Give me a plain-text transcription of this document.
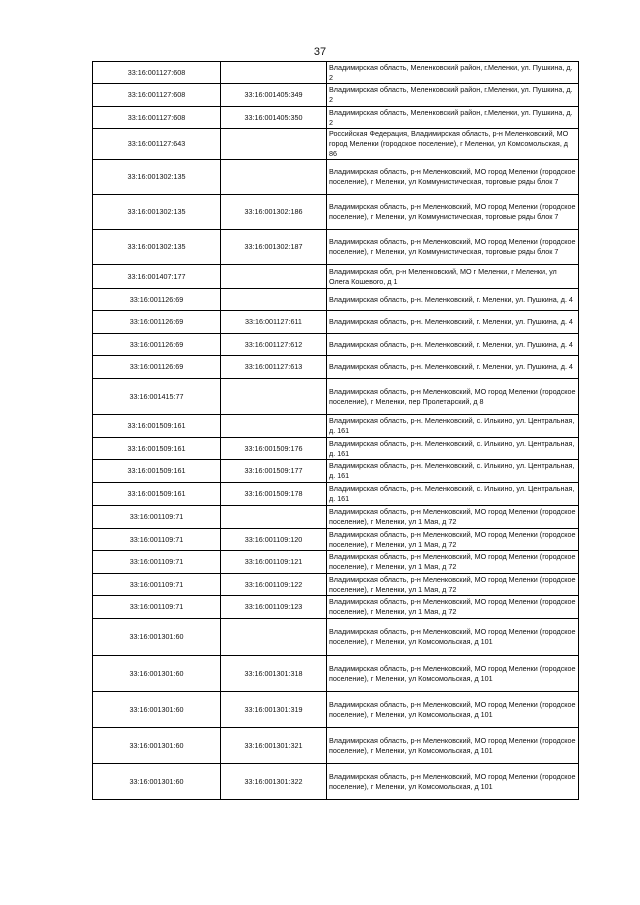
37
33:16:001127:608		Владимирская область, Меленковский район, г.Меленки, ул. Пушкина, д. 2
33:16:001127:608	33:16:001405:349	Владимирская область, Меленковский район, г.Меленки, ул. Пушкина, д. 2
33:16:001127:608	33:16:001405:350	Владимирская область, Меленковский район, г.Меленки, ул. Пушкина, д. 2
33:16:001127:643		Российская Федерация, Владимирская область, р-н Меленковский, МО город Меленки (городское поселение), г Меленки, ул Комсомольская, д 86
33:16:001302:135		Владимирская область, р-н Меленковский, МО город Меленки (городское поселение), г Меленки, ул Коммунистическая, торговые ряды блок 7
33:16:001302:135	33:16:001302:186	Владимирская область, р-н Меленковский, МО город Меленки (городское поселение), г Меленки, ул Коммунистическая, торговые ряды блок 7
33:16:001302:135	33:16:001302:187	Владимирская область, р-н Меленковский, МО город Меленки (городское поселение), г Меленки, ул Коммунистическая, торговые ряды блок 7
33:16:001407:177		Владимирская обл, р-н Меленковский, МО г Меленки, г Меленки, ул Олега Кошевого, д 1
33:16:001126:69		Владимирская область, р-н. Меленковский, г. Меленки, ул. Пушкина, д. 4
33:16:001126:69	33:16:001127:611	Владимирская область, р-н. Меленковский, г. Меленки, ул. Пушкина, д. 4
33:16:001126:69	33:16:001127:612	Владимирская область, р-н. Меленковский, г. Меленки, ул. Пушкина, д. 4
33:16:001126:69	33:16:001127:613	Владимирская область, р-н. Меленковский, г. Меленки, ул. Пушкина, д. 4
33:16:001415:77		Владимирская область, р-н Меленковский, МО город Меленки (городское поселение), г Меленки, пер Пролетарский, д 8
33:16:001509:161		Владимирская область, р-н. Меленковский, с. Илькино, ул. Центральная, д. 161
33:16:001509:161	33:16:001509:176	Владимирская область, р-н. Меленковский, с. Илькино, ул. Центральная, д. 161
33:16:001509:161	33:16:001509:177	Владимирская область, р-н. Меленковский, с. Илькино, ул. Центральная, д. 161
33:16:001509:161	33:16:001509:178	Владимирская область, р-н. Меленковский, с. Илькино, ул. Центральная, д. 161
33:16:001109:71		Владимирская область, р-н Меленковский, МО город Меленки (городское поселение), г Меленки, ул 1 Мая, д 72
33:16:001109:71	33:16:001109:120	Владимирская область, р-н Меленковский, МО город Меленки (городское поселение), г Меленки, ул 1 Мая, д 72
33:16:001109:71	33:16:001109:121	Владимирская область, р-н Меленковский, МО город Меленки (городское поселение), г Меленки, ул 1 Мая, д 72
33:16:001109:71	33:16:001109:122	Владимирская область, р-н Меленковский, МО город Меленки (городское поселение), г Меленки, ул 1 Мая, д 72
33:16:001109:71	33:16:001109:123	Владимирская область, р-н Меленковский, МО город Меленки (городское поселение), г Меленки, ул 1 Мая, д 72
33:16:001301:60		Владимирская область, р-н Меленковский, МО город Меленки (городское поселение), г Меленки, ул Комсомольская, д 101
33:16:001301:60	33:16:001301:318	Владимирская область, р-н Меленковский, МО город Меленки (городское поселение), г Меленки, ул Комсомольская, д 101
33:16:001301:60	33:16:001301:319	Владимирская область, р-н Меленковский, МО город Меленки (городское поселение), г Меленки, ул Комсомольская, д 101
33:16:001301:60	33:16:001301:321	Владимирская область, р-н Меленковский, МО город Меленки (городское поселение), г Меленки, ул Комсомольская, д 101
33:16:001301:60	33:16:001301:322	Владимирская область, р-н Меленковский, МО город Меленки (городское поселение), г Меленки, ул Комсомольская, д 101
